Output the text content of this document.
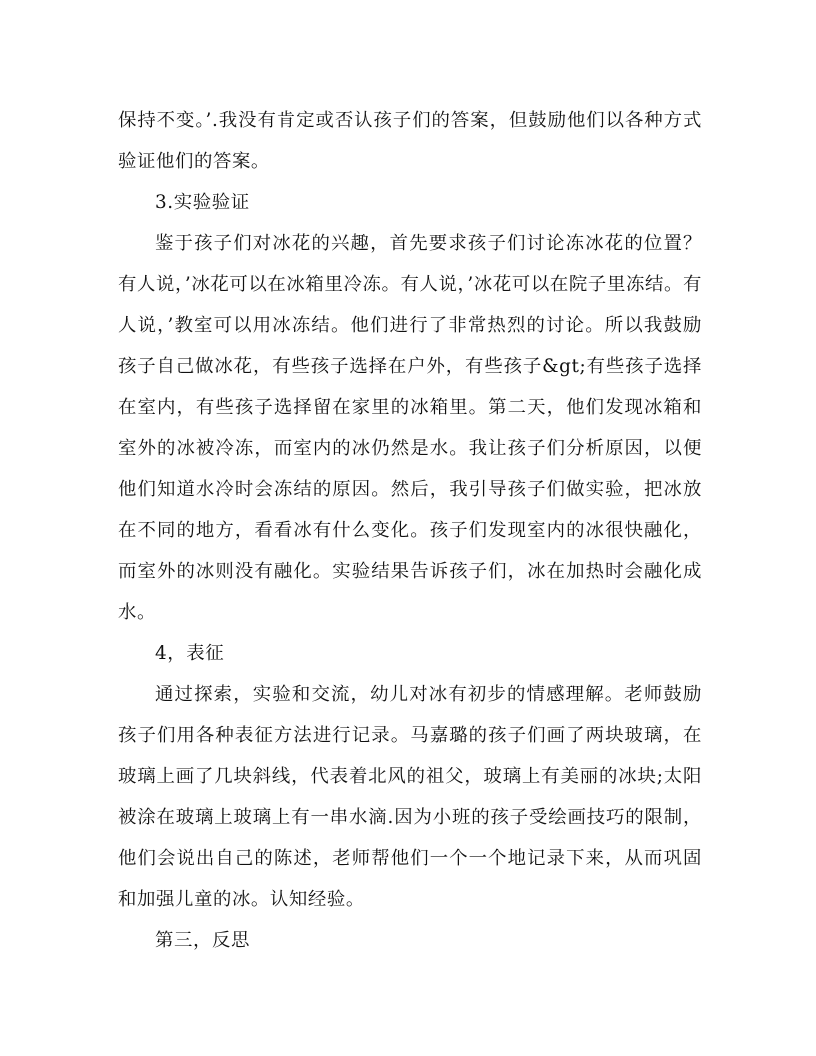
保持不变。’.我没有肯定或否认孩子们的答案，但鼓励他们以各种方式验证他们的答案。

3.实验验证

鉴于孩子们对冰花的兴趣，首先要求孩子们讨论冻冰花的位置？有人说，’冰花可以在冰箱里冷冻。有人说，’冰花可以在院子里冻结。有人说，’教室可以用冰冻结。他们进行了非常热烈的讨论。所以我鼓励孩子自己做冰花，有些孩子选择在户外，有些孩子&gt;有些孩子选择在室内，有些孩子选择留在家里的冰箱里。第二天，他们发现冰箱和室外的冰被冷冻，而室内的冰仍然是水。我让孩子们分析原因，以便他们知道水冷时会冻结的原因。然后，我引导孩子们做实验，把冰放在不同的地方，看看冰有什么变化。孩子们发现室内的冰很快融化，而室外的冰则没有融化。实验结果告诉孩子们，冰在加热时会融化成水。

4，表征

通过探索，实验和交流，幼儿对冰有初步的情感理解。老师鼓励孩子们用各种表征方法进行记录。马嘉璐的孩子们画了两块玻璃，在玻璃上画了几块斜线，代表着北风的祖父，玻璃上有美丽的冰块;太阳被涂在玻璃上玻璃上有一串水滴.因为小班的孩子受绘画技巧的限制，他们会说出自己的陈述，老师帮他们一个一个地记录下来，从而巩固和加强儿童的冰。认知经验。

第三，反思
